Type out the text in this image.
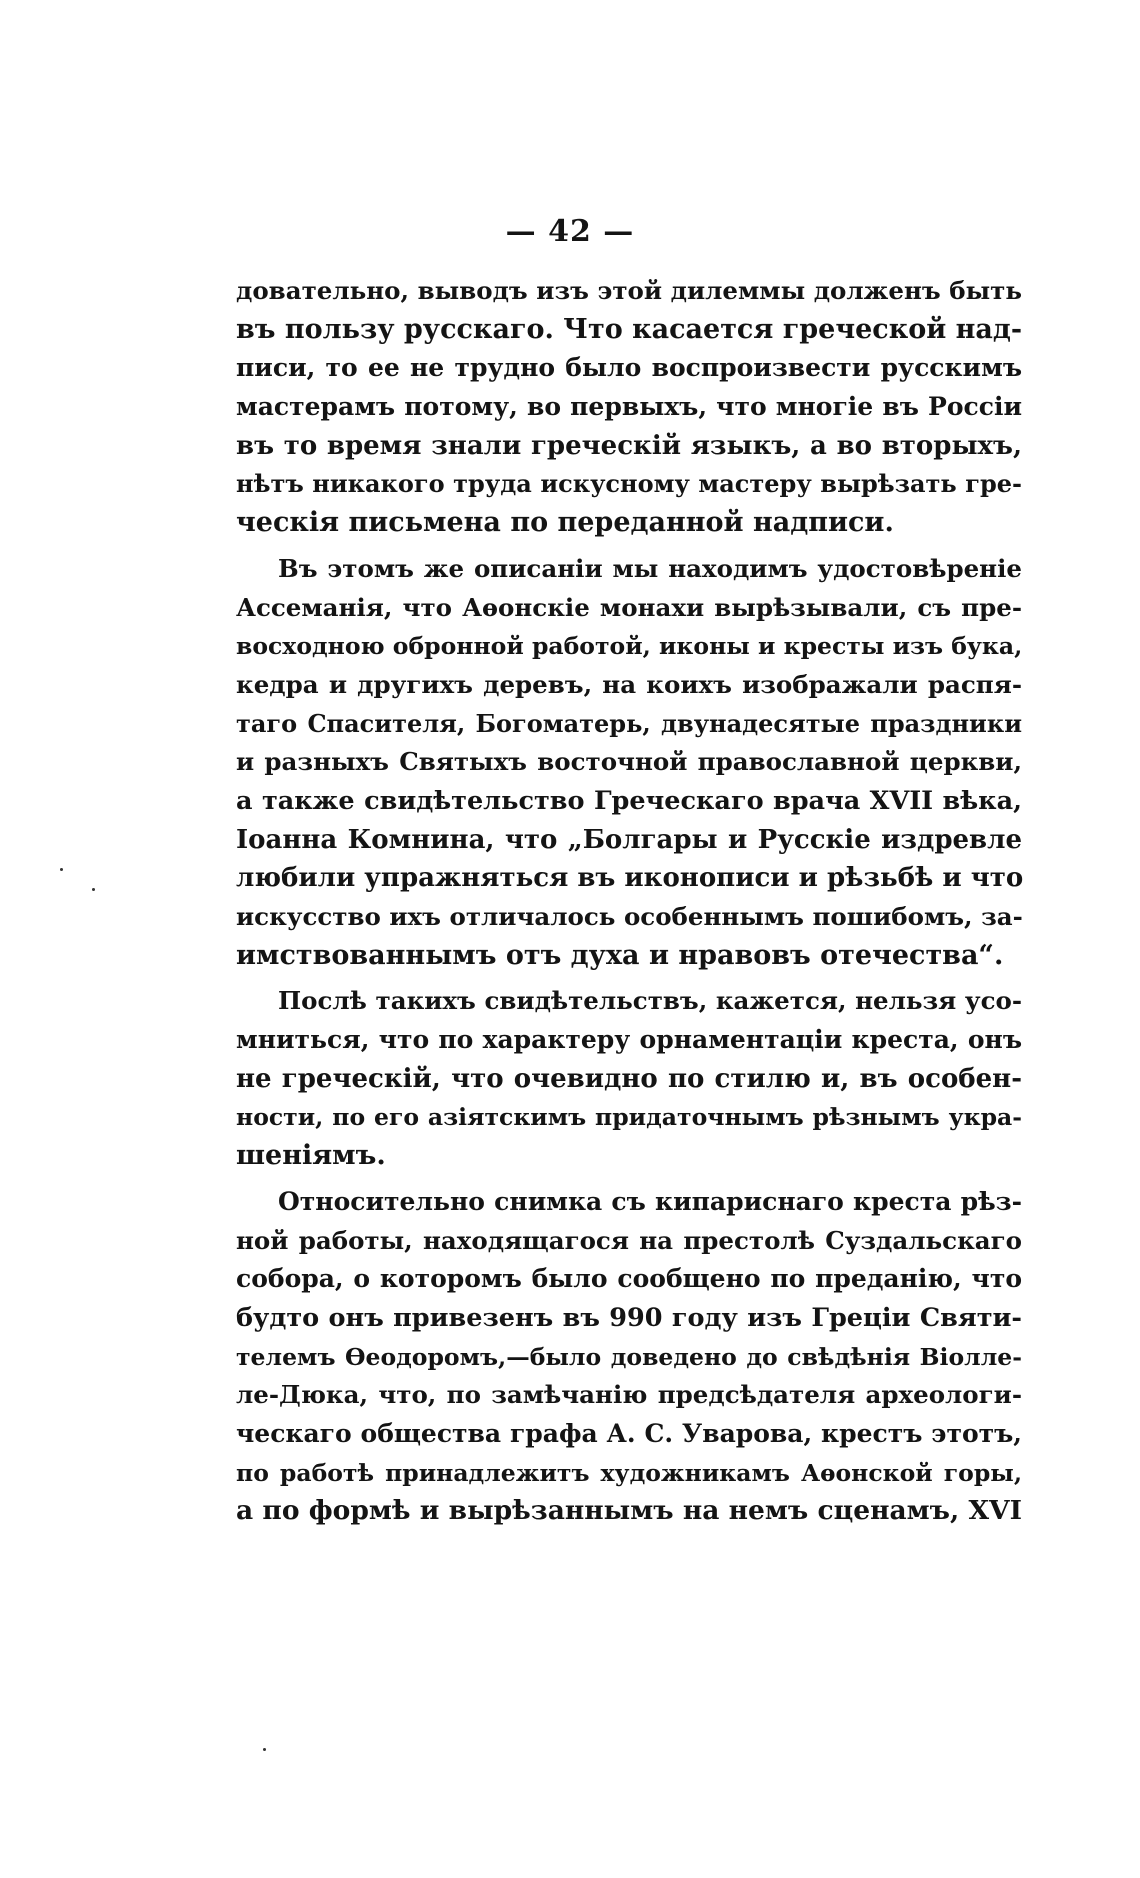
— 42 —
довательно, выводъ изъ этой дилеммы долженъ быть
въ пользу русскаго. Что касается греческой над-
писи, то ее не трудно было воспроизвести русскимъ
мастерамъ потому, во первыхъ, что многіе въ Россіи
въ то время знали греческій языкъ, а во вторыхъ,
нѣтъ никакого труда искусному мастеру вырѣзать гре-
ческія письмена по переданной надписи.
Въ этомъ же описаніи мы находимъ удостовѣреніе
Ассеманія, что Аѳонскіе монахи вырѣзывали, съ пре-
восходною обронной работой, иконы и кресты изъ бука,
кедра и другихъ деревъ, на коихъ изображали распя-
таго Спасителя, Богоматерь, двунадесятые праздники
и разныхъ Святыхъ восточной православной церкви,
а также свидѣтельство Греческаго врача XVII вѣка,
Іоанна Комнина, что „Болгары и Русскіе издревле
любили упражняться въ иконописи и рѣзьбѣ и что
искусство ихъ отличалось особеннымъ пошибомъ, за-
имствованнымъ отъ духа и нравовъ отечества“.
Послѣ такихъ свидѣтельствъ, кажется, нельзя усо-
мниться, что по характеру орнаментаціи креста, онъ
не греческій, что очевидно по стилю и, въ особен-
ности, по его азіятскимъ придаточнымъ рѣзнымъ укра-
шеніямъ.
Относительно снимка съ кипариснаго креста рѣз-
ной работы, находящагося на престолѣ Суздальскаго
собора, о которомъ было сообщено по преданію, что
будто онъ привезенъ въ 990 году изъ Греціи Святи-
телемъ Ѳеодоромъ,—было доведено до свѣдѣнія Віолле-
ле-Дюка, что, по замѣчанію предсѣдателя археологи-
ческаго общества графа А. С. Уварова, крестъ этотъ,
по работѣ принадлежитъ художникамъ Аѳонской горы,
а по формѣ и вырѣзаннымъ на немъ сценамъ, XVI
